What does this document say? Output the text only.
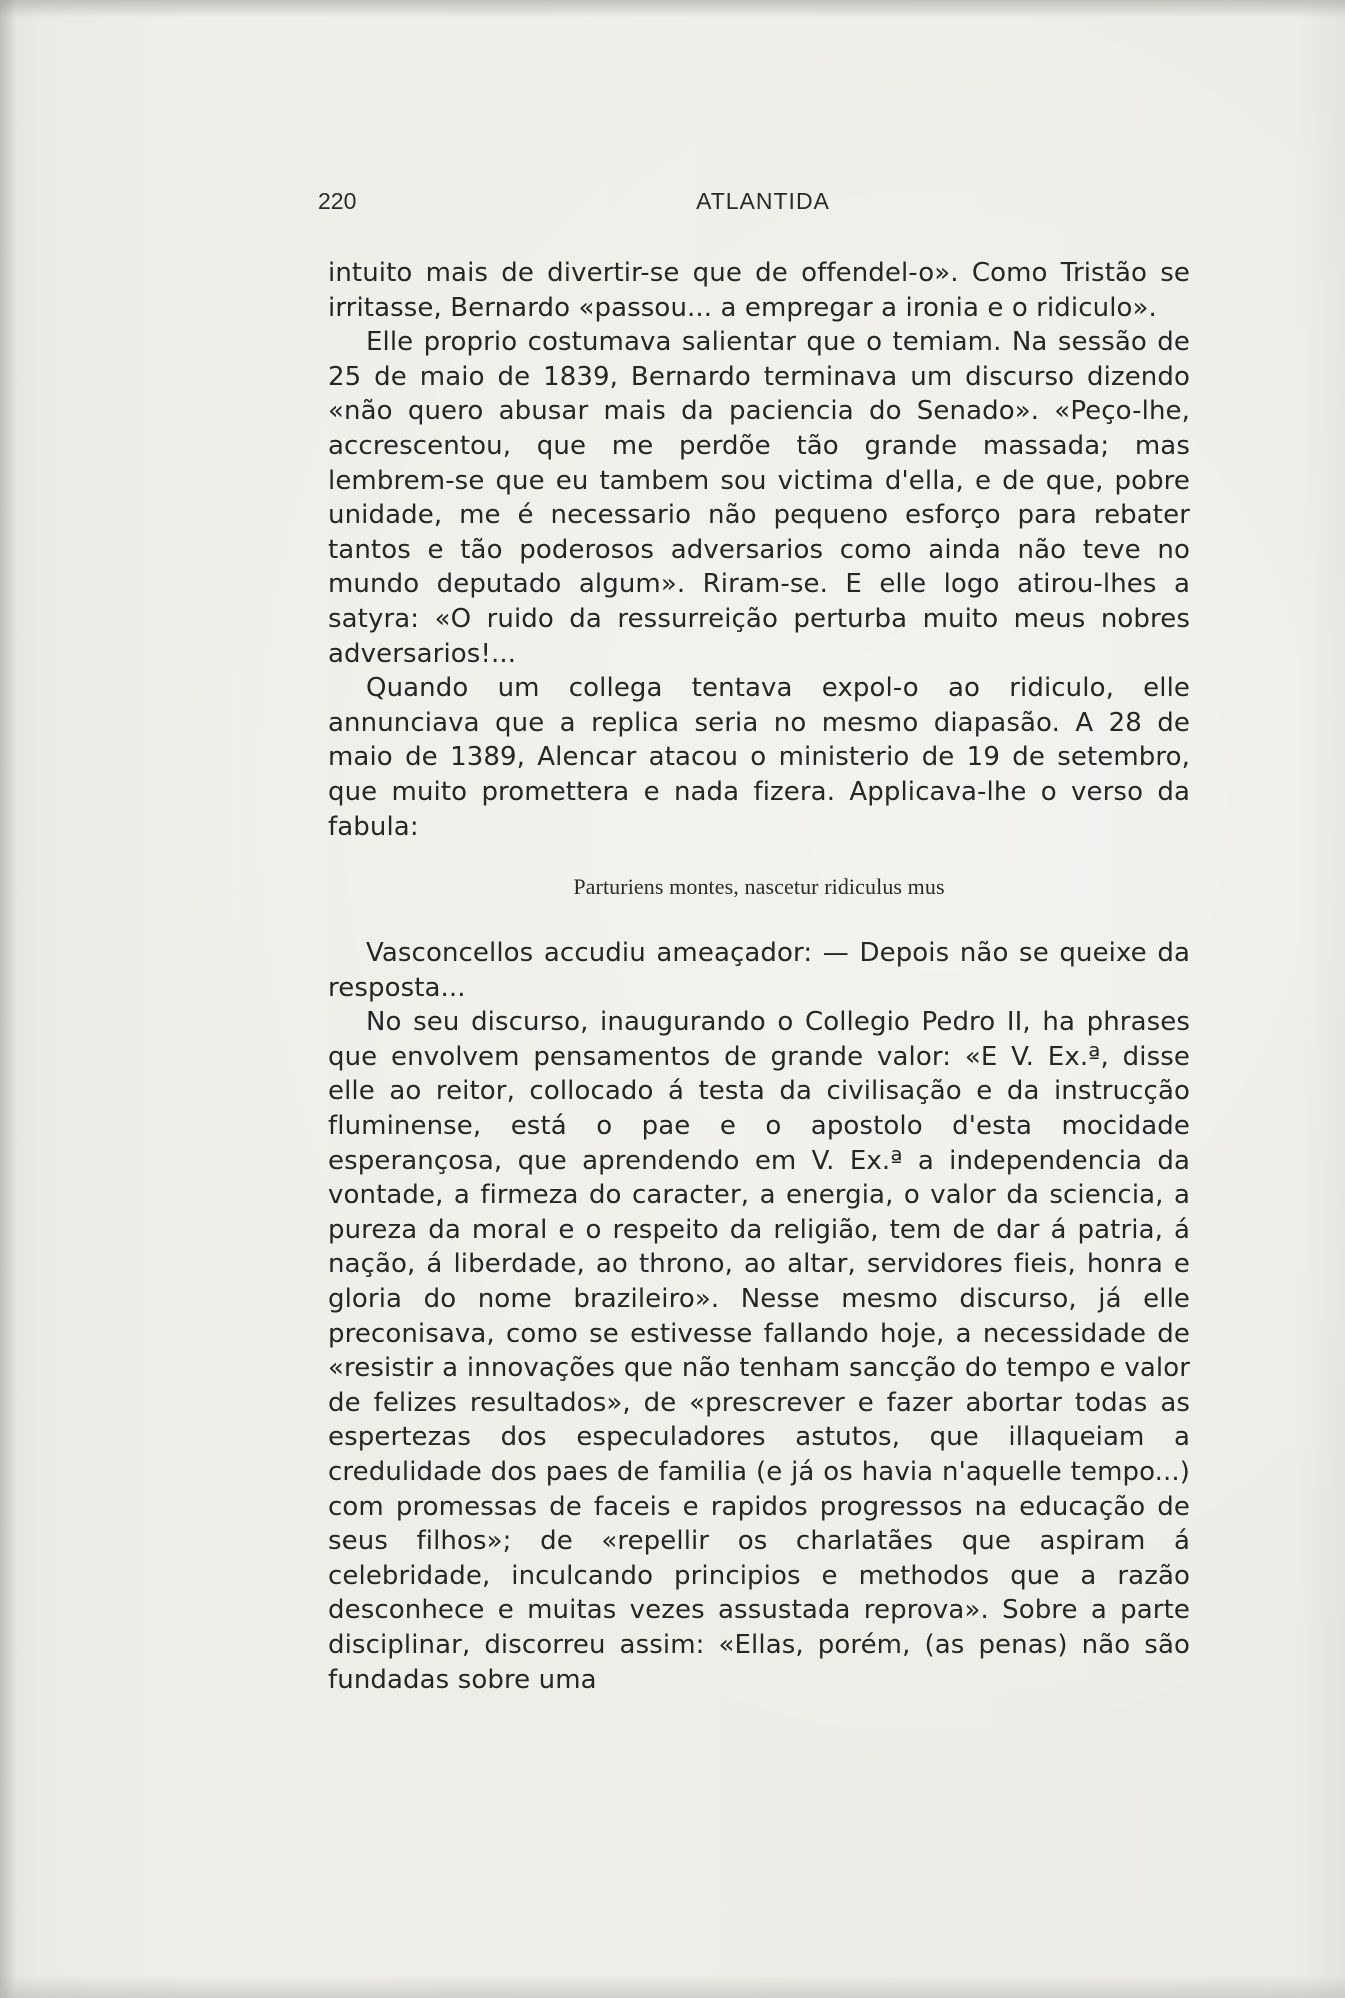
220	ATLANTIDA

intuito mais de divertir-se que de offendel-o». Como Tristão se irritasse, Bernardo «passou... a empregar a ironia e o ridiculo».

Elle proprio costumava salientar que o temiam. Na sessão de 25 de maio de 1839, Bernardo terminava um discurso dizendo «não quero abusar mais da paciencia do Senado». «Peço-lhe, accrescentou, que me perdõe tão grande massada; mas lembrem-se que eu tambem sou victima d'ella, e de que, pobre unidade, me é necessario não pequeno esforço para rebater tantos e tão poderosos adversarios como ainda não teve no mundo deputado algum». Riram-se. E elle logo atirou-lhes a satyra: «O ruido da ressurreição perturba muito meus nobres adversarios!...

Quando um collega tentava expol-o ao ridiculo, elle annunciava que a replica seria no mesmo diapasão. A 28 de maio de 1389, Alencar atacou o ministerio de 19 de setembro, que muito promettera e nada fizera. Applicava-lhe o verso da fabula:

Parturiens montes, nascetur ridiculus mus

Vasconcellos accudiu ameaçador: — Depois não se queixe da resposta...

No seu discurso, inaugurando o Collegio Pedro II, ha phrases que envolvem pensamentos de grande valor: «E V. Ex.ª, disse elle ao reitor, collocado á testa da civilisação e da instrucção fluminense, está o pae e o apostolo d'esta mocidade esperançosa, que aprendendo em V. Ex.ª a independencia da vontade, a firmeza do caracter, a energia, o valor da sciencia, a pureza da moral e o respeito da religião, tem de dar á patria, á nação, á liberdade, ao throno, ao altar, servidores fieis, honra e gloria do nome brazileiro». Nesse mesmo discurso, já elle preconisava, como se estivesse fallando hoje, a necessidade de «resistir a innovações que não tenham sancção do tempo e valor de felizes resultados», de «prescrever e fazer abortar todas as espertezas dos especuladores astutos, que illaqueiam a credulidade dos paes de familia (e já os havia n'aquelle tempo...) com promessas de faceis e rapidos progressos na educação de seus filhos»; de «repellir os charlatães que aspiram á celebridade, inculcando principios e methodos que a razão desconhece e muitas vezes assustada reprova». Sobre a parte disciplinar, discorreu assim: «Ellas, porém, (as penas) não são fundadas sobre uma
